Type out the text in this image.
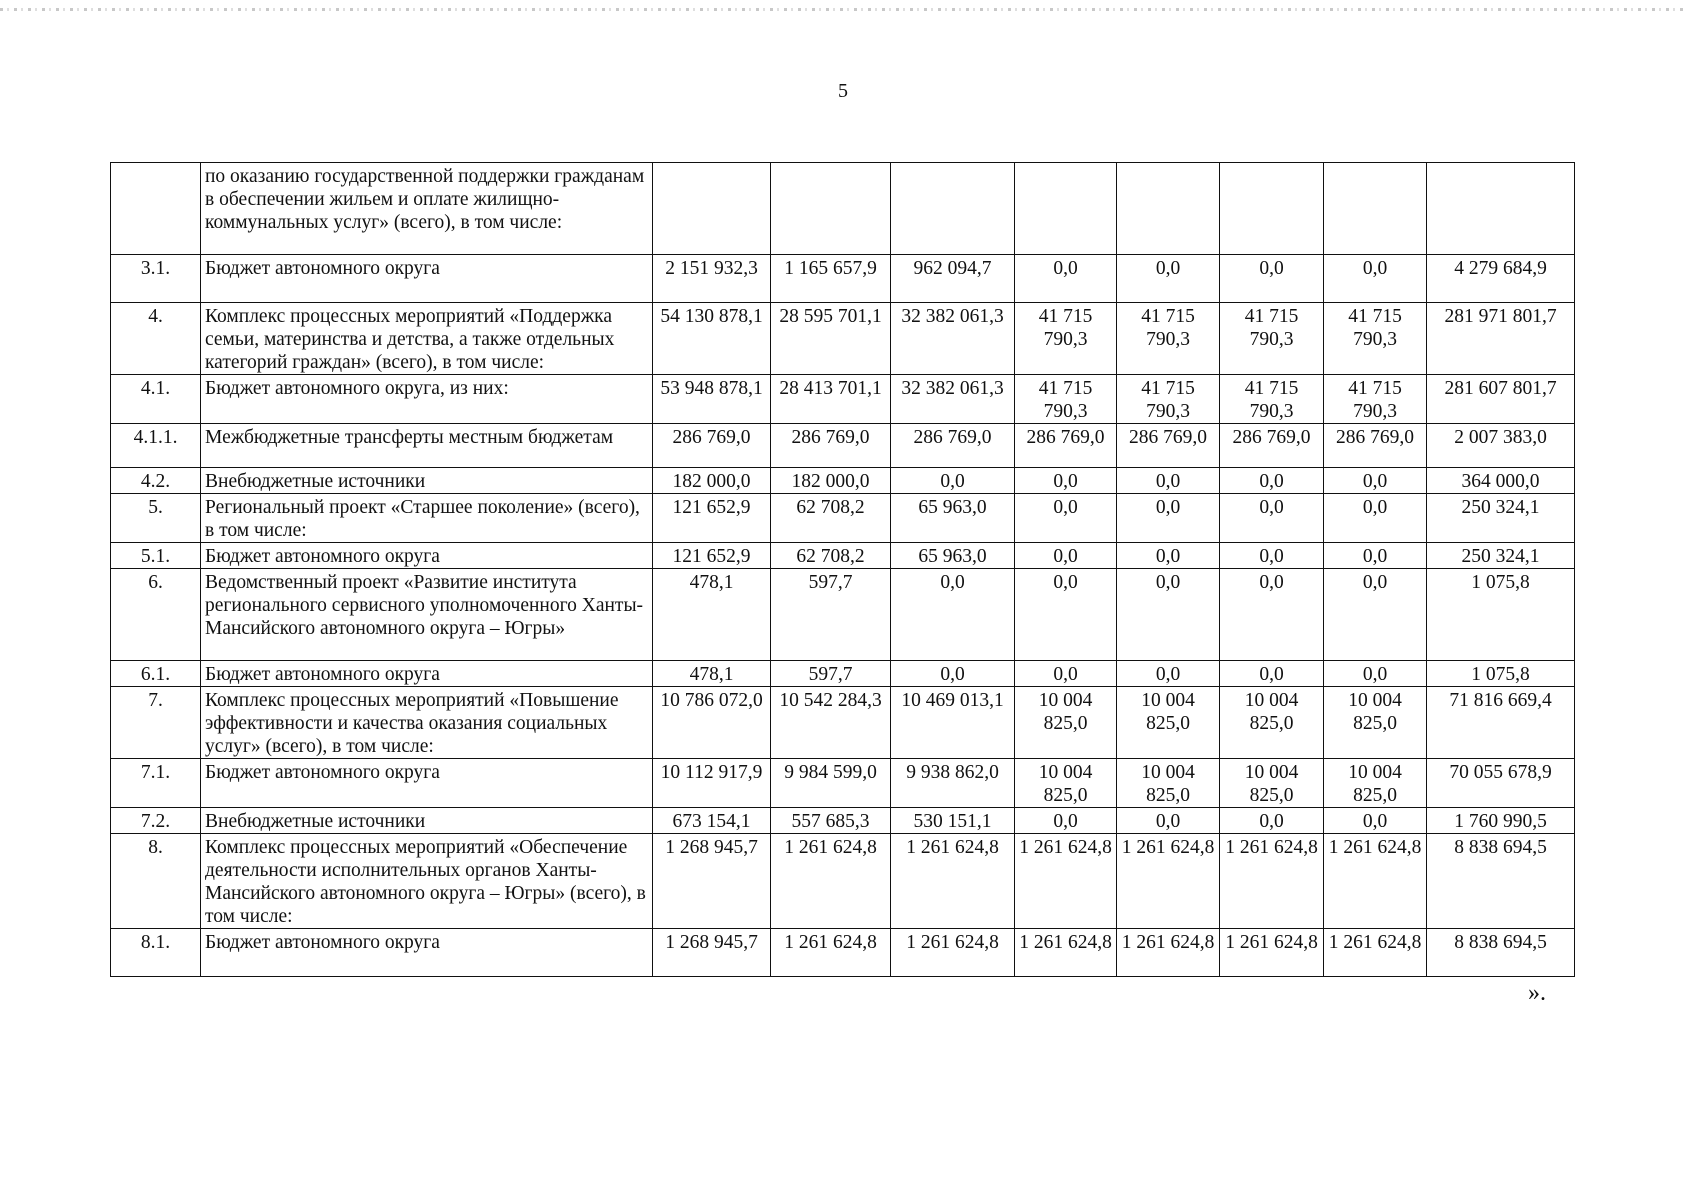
5
	по оказанию государственной поддержки гражданам в обеспечении жильем и оплате жилищно-коммунальных услуг» (всего), в том числе:								
3.1.	Бюджет автономного округа	2 151 932,3	1 165 657,9	962 094,7	0,0	0,0	0,0	0,0	4 279 684,9
4.	Комплекс процессных мероприятий «Поддержка семьи, материнства и детства, а также отдельных категорий граждан» (всего), в том числе:	54 130 878,1	28 595 701,1	32 382 061,3	41 715 790,3	41 715 790,3	41 715 790,3	41 715 790,3	281 971 801,7
4.1.	Бюджет автономного округа, из них:	53 948 878,1	28 413 701,1	32 382 061,3	41 715 790,3	41 715 790,3	41 715 790,3	41 715 790,3	281 607 801,7
4.1.1.	Межбюджетные трансферты местным бюджетам	286 769,0	286 769,0	286 769,0	286 769,0	286 769,0	286 769,0	286 769,0	2 007 383,0
4.2.	Внебюджетные источники	182 000,0	182 000,0	0,0	0,0	0,0	0,0	0,0	364 000,0
5.	Региональный проект «Старшее поколение» (всего), в том числе:	121 652,9	62 708,2	65 963,0	0,0	0,0	0,0	0,0	250 324,1
5.1.	Бюджет автономного округа	121 652,9	62 708,2	65 963,0	0,0	0,0	0,0	0,0	250 324,1
6.	Ведомственный проект «Развитие института регионального сервисного уполномоченного Ханты-Мансийского автономного округа – Югры»	478,1	597,7	0,0	0,0	0,0	0,0	0,0	1 075,8
6.1.	Бюджет автономного округа	478,1	597,7	0,0	0,0	0,0	0,0	0,0	1 075,8
7.	Комплекс процессных мероприятий «Повышение эффективности и качества оказания социальных услуг» (всего), в том числе:	10 786 072,0	10 542 284,3	10 469 013,1	10 004 825,0	10 004 825,0	10 004 825,0	10 004 825,0	71 816 669,4
7.1.	Бюджет автономного округа	10 112 917,9	9 984 599,0	9 938 862,0	10 004 825,0	10 004 825,0	10 004 825,0	10 004 825,0	70 055 678,9
7.2.	Внебюджетные источники	673 154,1	557 685,3	530 151,1	0,0	0,0	0,0	0,0	1 760 990,5
8.	Комплекс процессных мероприятий «Обеспечение деятельности исполнительных органов Ханты-Мансийского автономного округа – Югры» (всего), в том числе:	1 268 945,7	1 261 624,8	1 261 624,8	1 261 624,8	1 261 624,8	1 261 624,8	1 261 624,8	8 838 694,5
8.1.	Бюджет автономного округа	1 268 945,7	1 261 624,8	1 261 624,8	1 261 624,8	1 261 624,8	1 261 624,8	1 261 624,8	8 838 694,5
».
